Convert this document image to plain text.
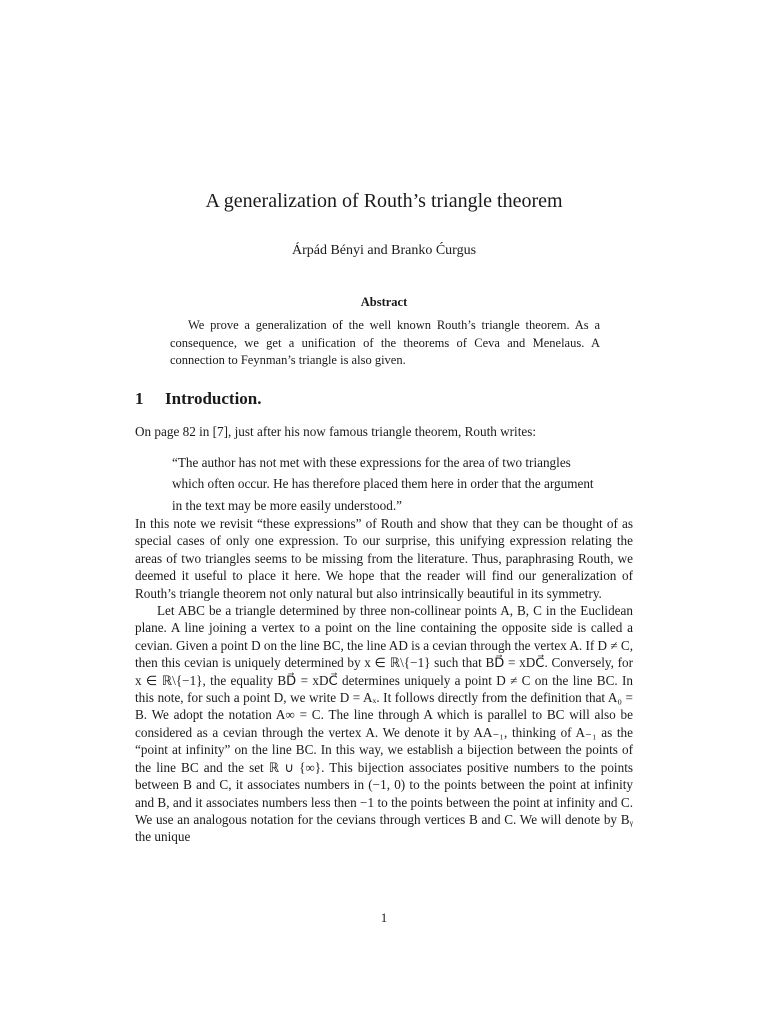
A generalization of Routh’s triangle theorem
Árpád Bényi and Branko Ćurgus
Abstract
We prove a generalization of the well known Routh’s triangle theorem. As a consequence, we get a unification of the theorems of Ceva and Menelaus. A connection to Feynman’s triangle is also given.
1 Introduction.
On page 82 in [7], just after his now famous triangle theorem, Routh writes:
“The author has not met with these expressions for the area of two triangles which often occur. He has therefore placed them here in order that the argument in the text may be more easily understood.”

In this note we revisit “these expressions” of Routh and show that they can be thought of as special cases of only one expression. To our surprise, this unifying expression relating the areas of two triangles seems to be missing from the literature. Thus, paraphrasing Routh, we deemed it useful to place it here. We hope that the reader will find our generalization of Routh’s triangle theorem not only natural but also intrinsically beautiful in its symmetry.

Let ABC be a triangle determined by three non-collinear points A, B, C in the Euclidean plane. A line joining a vertex to a point on the line containing the opposite side is called a cevian. Given a point D on the line BC, the line AD is a cevian through the vertex A. If D ≠ C, then this cevian is uniquely determined by x ∈ ℝ\{−1} such that BD⃗ = xDC⃗. Conversely, for x ∈ ℝ\{−1}, the equality BD⃗ = xDC⃗ determines uniquely a point D ≠ C on the line BC. In this note, for such a point D, we write D = Aₓ. It follows directly from the definition that A₀ = B. We adopt the notation A∞ = C. The line through A which is parallel to BC will also be considered as a cevian through the vertex A. We denote it by AA₋₁, thinking of A₋₁ as the “point at infinity” on the line BC. In this way, we establish a bijection between the points of the line BC and the set ℝ ∪ {∞}. This bijection associates positive numbers to the points between B and C, it associates numbers in (−1, 0) to the points between the point at infinity and B, and it associates numbers less then −1 to the points between the point at infinity and C. We use an analogous notation for the cevians through vertices B and C. We will denote by Bᵧ the unique

1
